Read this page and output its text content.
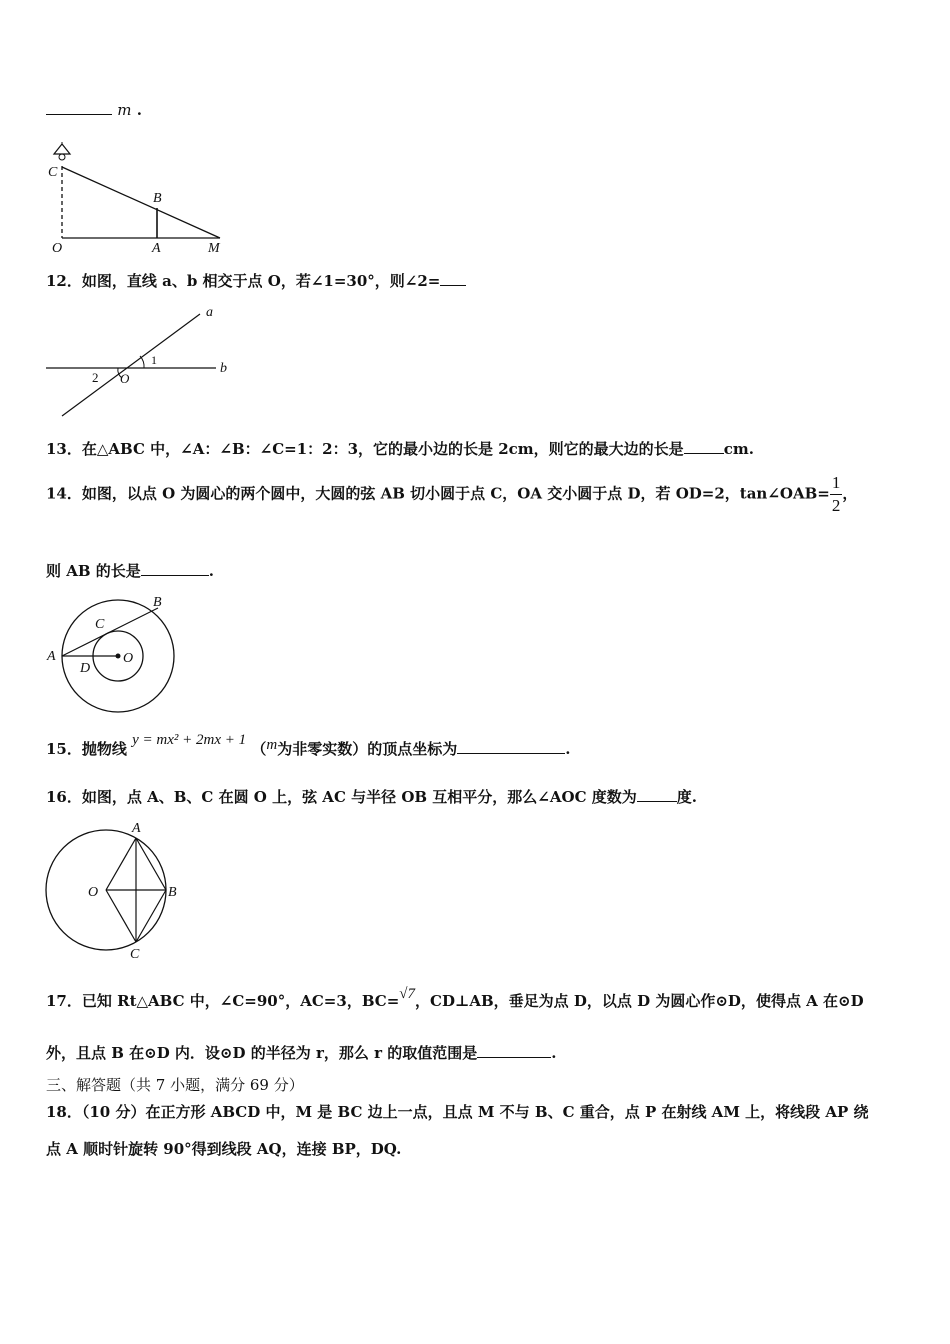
m .
C
O	A
B
M
12．如图，直线 a、b 相交于点 O，若∠1=30°，则∠2=
a
b
1
2 O
13．在△ABC 中，∠A：∠B：∠C=1：2：3，它的最小边的长是 2cm，则它的最大边的长是	cm.
14．如图，以点 O 为圆心的两个圆中，大圆的弦 AB 切小圆于点 C，OA 交小圆于点 D，若 OD=2，tan∠OAB= $\frac{1}{2}$ ，
则 AB 的长是	.
A
B
C
D
O
15．抛物线 y = mx² + 2mx + 1 （m为非零实数）的顶点坐标为	.
16．如图，点 A、B、C 在圆 O 上，弦 AC 与半径 OB 互相平分，那么∠AOC 度数为	度.
A
B
C
O
17．已知 Rt△ABC 中，∠C=90°，AC=3，BC=√7，CD⊥AB，垂足为点 D，以点 D 为圆心作⊙D，使得点 A 在⊙D
外，且点 B 在⊙D 内．设⊙D 的半径为 r，那么 r 的取值范围是	.
三、解答题（共 7 小题，满分 69 分）
18．（10 分）在正方形 ABCD 中，M 是 BC 边上一点，且点 M 不与 B、C 重合，点 P 在射线 AM 上，将线段 AP 绕
点 A 顺时针旋转 90°得到线段 AQ，连接 BP，DQ.
